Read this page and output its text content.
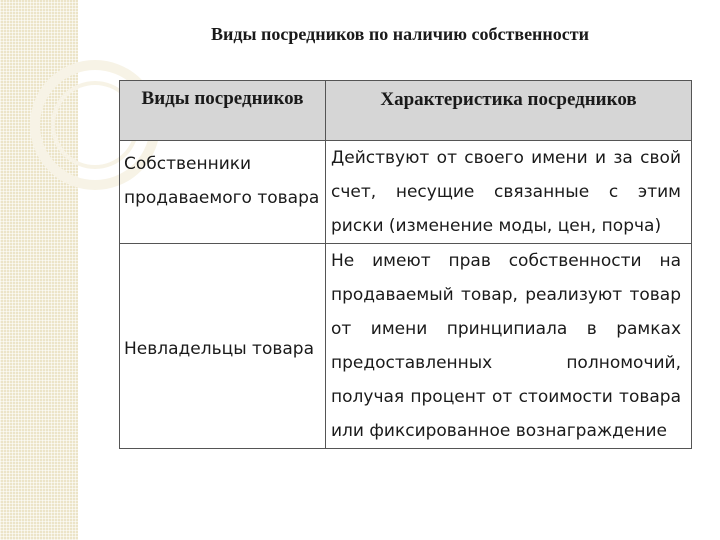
Виды посредников по наличию собственности
Виды посредников	Характеристика посредников
Собственники продаваемого товара	Действуют от своего имени и за свой счет, несущие связанные с этим риски (изменение моды, цен, порча)
Невладельцы товара	Не имеют прав собственности на продаваемый товар, реализуют товар от имени принципиала в рамках предоставленных полномочий, получая процент от стоимости товара или фиксированное вознаграждение
